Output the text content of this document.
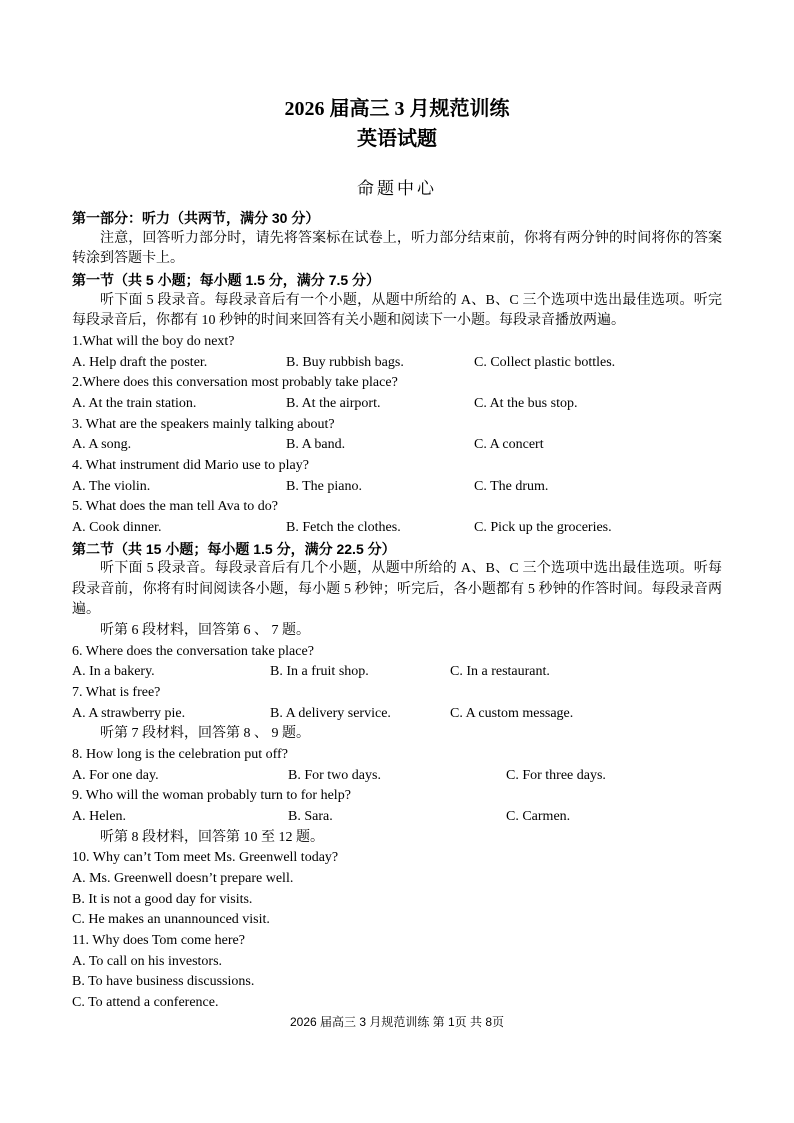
2026 届高三 3 月规范训练
英语试题
命题中心
第一部分：听力（共两节，满分 30 分）
注意，回答听力部分时，请先将答案标在试卷上，听力部分结束前，你将有两分钟的时间将你的答案转涂到答题卡上。
第一节（共 5 小题；每小题 1.5 分，满分 7.5 分）
听下面 5 段录音。每段录音后有一个小题，从题中所给的 A、B、C 三个选项中选出最佳选项。听完每段录音后，你都有 10 秒钟的时间来回答有关小题和阅读下一小题。每段录音播放两遍。
1.What will the boy do next?
A. Help draft the poster.	B. Buy rubbish bags.	C. Collect plastic bottles.
2.Where does this conversation most probably take place?
A. At the train station.	B. At the airport.	C. At the bus stop.
3. What are the speakers mainly talking about?
A. A song.	B. A band.	C. A concert
4. What instrument did Mario use to play?
A. The violin.	B. The piano.	C. The drum.
5. What does the man tell Ava to do?
A. Cook dinner.	B. Fetch the clothes.	C. Pick up the groceries.
第二节（共 15 小题；每小题 1.5 分，满分 22.5 分）
听下面 5 段录音。每段录音后有几个小题，从题中所给的 A、B、C 三个选项中选出最佳选项。听每段录音前，你将有时间阅读各小题，每小题 5 秒钟；听完后，各小题都有 5 秒钟的作答时间。每段录音两遍。
听第 6 段材料，回答第 6 、 7 题。
6. Where does the conversation take place?
A. In a bakery.	B. In a fruit shop.	C. In a restaurant.
7. What is free?
A. A strawberry pie.	B. A delivery service.	C. A custom message.
听第 7 段材料，回答第 8 、 9 题。
8. How long is the celebration put off?
A. For one day.	B. For two days.	C. For three days.
9. Who will the woman probably turn to for help?
A. Helen.	B. Sara.	C. Carmen.
听第 8 段材料，回答第 10 至 12 题。
10. Why can’t Tom meet Ms. Greenwell today?
A. Ms. Greenwell doesn’t prepare well.
B. It is not a good day for visits.
C. He makes an unannounced visit.
11. Why does Tom come here?
A. To call on his investors.
B. To have business discussions.
C. To attend a conference.
2026 届高三 3 月规范训练 第 1页 共 8页
